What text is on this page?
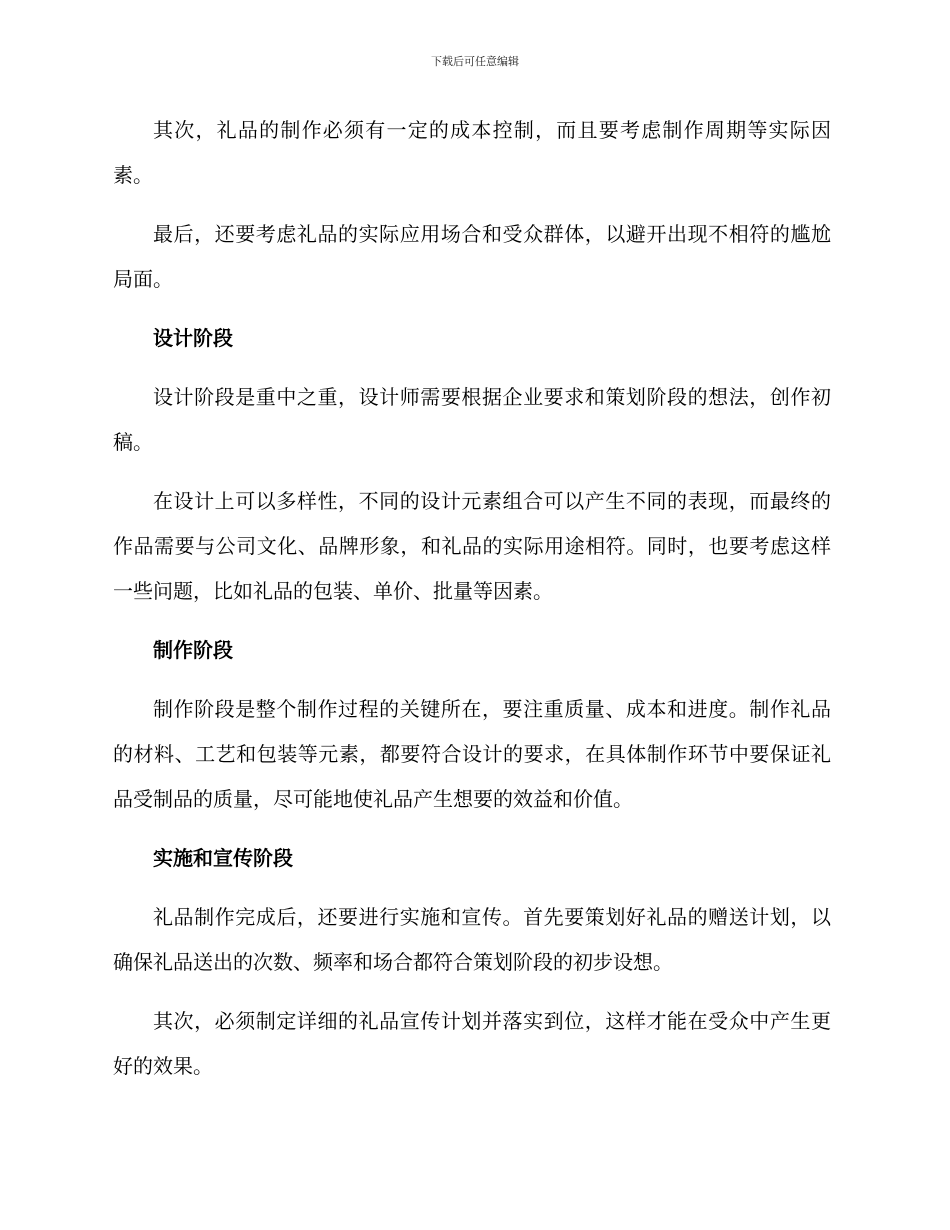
下载后可任意编辑

其次，礼品的制作必须有一定的成本控制，而且要考虑制作周期等实际因素。

最后，还要考虑礼品的实际应用场合和受众群体，以避开出现不相符的尴尬局面。

设计阶段

设计阶段是重中之重，设计师需要根据企业要求和策划阶段的想法，创作初稿。

在设计上可以多样性，不同的设计元素组合可以产生不同的表现，而最终的作品需要与公司文化、品牌形象，和礼品的实际用途相符。同时，也要考虑这样一些问题，比如礼品的包装、单价、批量等因素。

制作阶段

制作阶段是整个制作过程的关键所在，要注重质量、成本和进度。制作礼品的材料、工艺和包装等元素，都要符合设计的要求，在具体制作环节中要保证礼品受制品的质量，尽可能地使礼品产生想要的效益和价值。

实施和宣传阶段

礼品制作完成后，还要进行实施和宣传。首先要策划好礼品的赠送计划，以确保礼品送出的次数、频率和场合都符合策划阶段的初步设想。

其次，必须制定详细的礼品宣传计划并落实到位，这样才能在受众中产生更好的效果。
